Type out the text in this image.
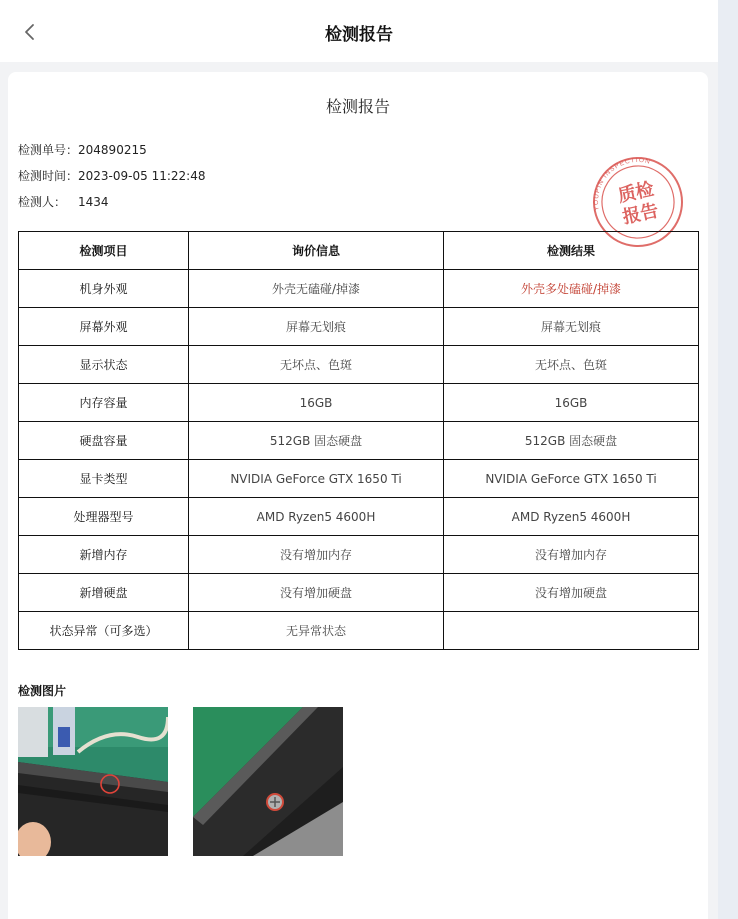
检测报告
检测报告
检测单号：204890215
检测时间：2023-09-05 11:22:48
检测人： 1434	YOUPIN INSPECTION
质检
报告
检测项目	询价信息	检测结果
机身外观	外壳无磕碰/掉漆	外壳多处磕碰/掉漆
屏幕外观	屏幕无划痕	屏幕无划痕
显示状态	无坏点、色斑	无坏点、色斑
内存容量	16GB	16GB
硬盘容量	512GB 固态硬盘	512GB 固态硬盘
显卡类型	NVIDIA GeForce GTX 1650 Ti	NVIDIA GeForce GTX 1650 Ti
处理器型号	AMD Ryzen5 4600H	AMD Ryzen5 4600H
新增内存	没有增加内存	没有增加内存
新增硬盘	没有增加硬盘	没有增加硬盘
状态异常（可多选）	无异常状态	
检测图片
